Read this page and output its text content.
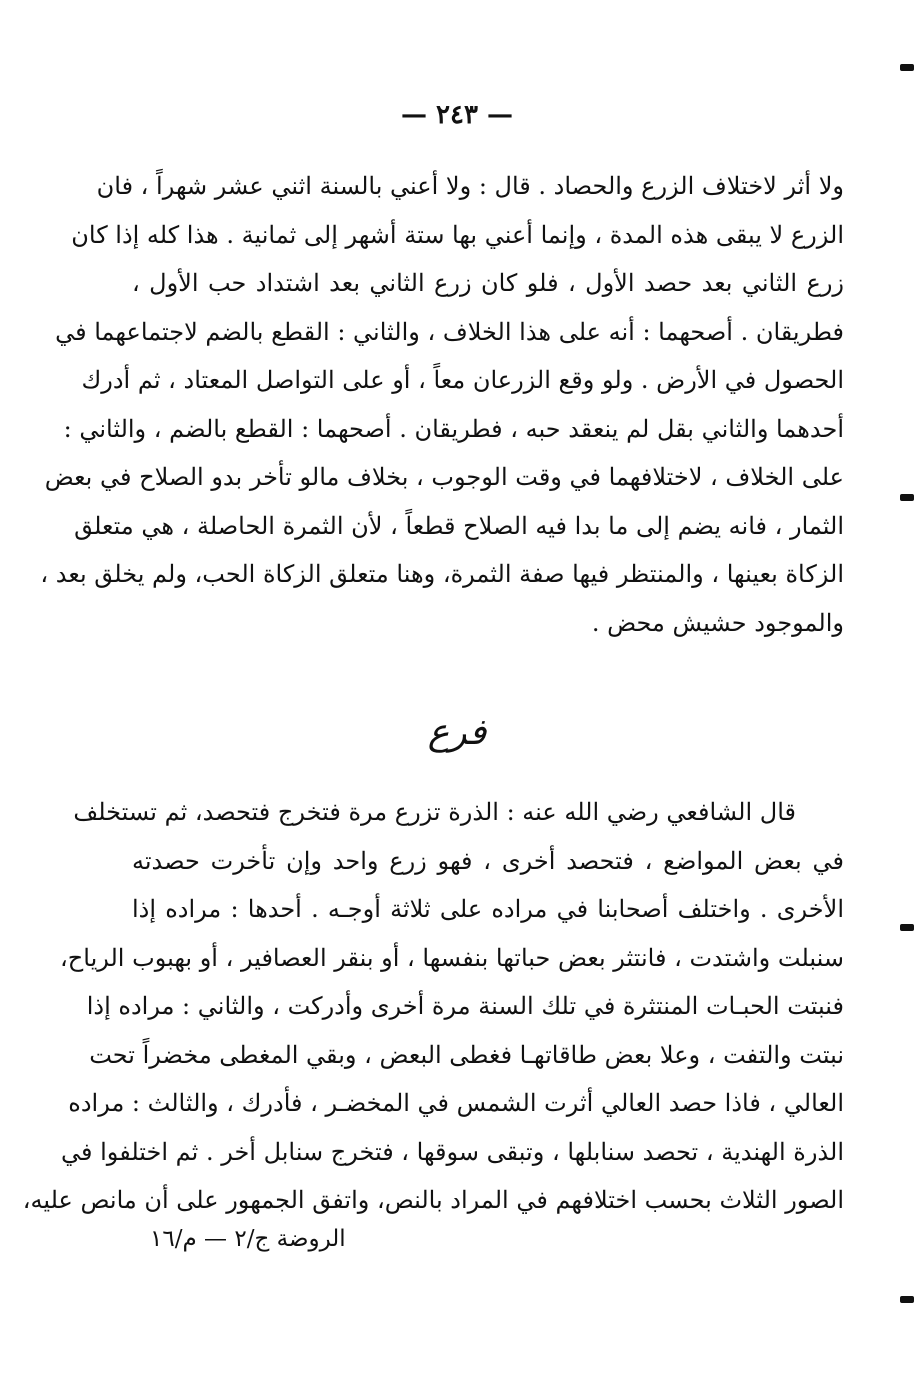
— ٢٤٣ —
ولا أثر لاختلاف الزرع والحصاد . قال : ولا أعني بالسنة اثني عشر شهراً ، فان
الزرع لا يبقى هذه المدة ، وإنما أعني بها ستة أشهر إلى ثمانية . هذا كله إذا كان
زرع الثاني بعد حصد الأول ، فلو كان زرع الثاني بعد اشتداد حب الأول ،
فطريقان . أصحهما : أنه على هذا الخلاف ، والثاني : القطع بالضم لاجتماعهما في
الحصول في الأرض . ولو وقع الزرعان معاً ، أو على التواصل المعتاد ، ثم أدرك
أحدهما والثاني بقل لم ينعقد حبه ، فطريقان . أصحهما : القطع بالضم ، والثاني :
على الخلاف ، لاختلافهما في وقت الوجوب ، بخلاف مالو تأخر بدو الصلاح في بعض
الثمار ، فانه يضم إلى ما بدا فيه الصلاح قطعاً ، لأن الثمرة الحاصلة ، هي متعلق
الزكاة بعينها ، والمنتظر فيها صفة الثمرة، وهنا متعلق الزكاة الحب، ولم يخلق بعد ،
والموجود حشيش محض .
فرع
قال الشافعي رضي الله عنه : الذرة تزرع مرة فتخرج فتحصد، ثم تستخلف
في بعض المواضع ، فتحصد أخرى ، فهو زرع واحد وإن تأخرت حصدته
الأخرى . واختلف أصحابنا في مراده على ثلاثة أوجـه . أحدها : مراده إذا
سنبلت واشتدت ، فانتثر بعض حباتها بنفسها ، أو بنقر العصافير ، أو بهبوب الرياح،
فنبتت الحبـات المنتثرة في تلك السنة مرة أخرى وأدركت ، والثاني : مراده إذا
نبتت والتفت ، وعلا بعض طاقاتهـا فغطى البعض ، وبقي المغطى مخضراً تحت
العالي ، فاذا حصد العالي أثرت الشمس في المخضـر ، فأدرك ، والثالث : مراده
الذرة الهندية ، تحصد سنابلها ، وتبقى سوقها ، فتخرج سنابل أخر . ثم اختلفوا في
الصور الثلاث بحسب اختلافهم في المراد بالنص، واتفق الجمهور على أن مانص عليه،
الروضة ج/٢ — م/١٦
